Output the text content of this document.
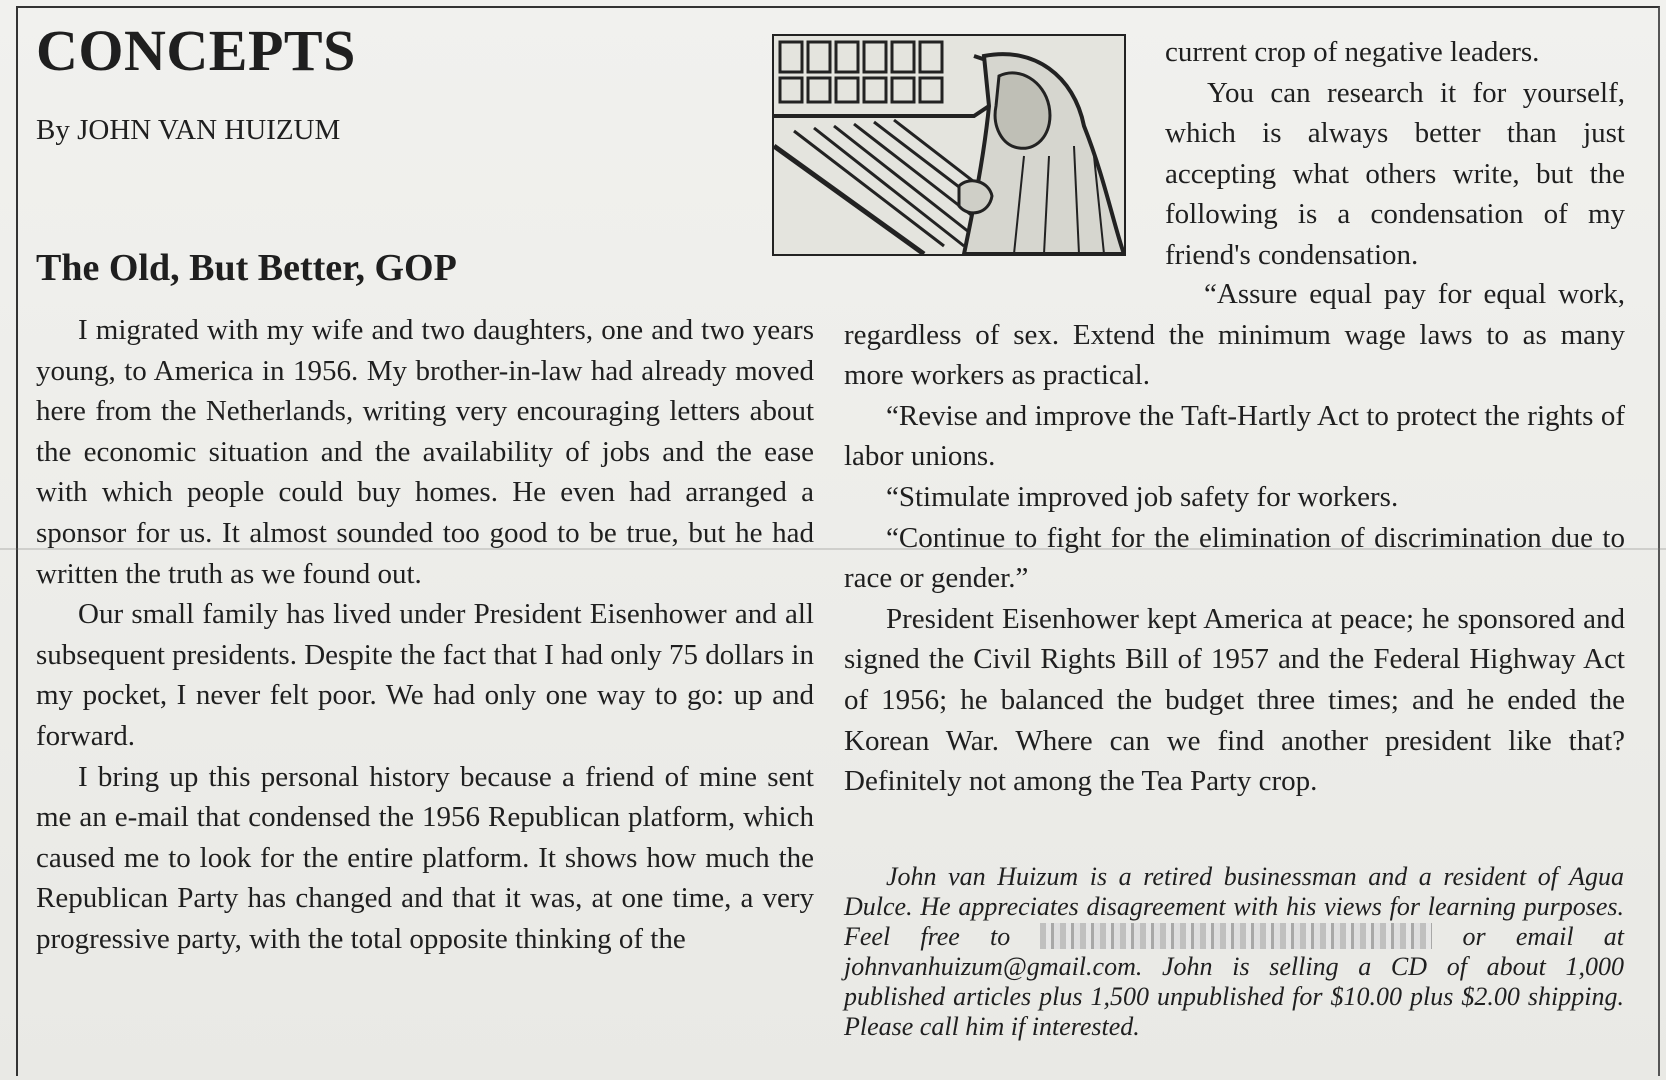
CONCEPTS
By JOHN VAN HUIZUM
The Old, But Better, GOP

I migrated with my wife and two daughters, one and two years young, to America in 1956. My brother-in-law had already moved here from the Netherlands, writing very encouraging letters about the economic situation and the availability of jobs and the ease with which people could buy homes. He even had arranged a sponsor for us. It almost sounded too good to be true, but he had written the truth as we found out.

Our small family has lived under President Eisenhower and all subsequent presidents. Despite the fact that I had only 75 dollars in my pocket, I never felt poor. We had only one way to go: up and forward.

I bring up this personal history because a friend of mine sent me an e-mail that condensed the 1956 Republican platform, which caused me to look for the entire platform. It shows how much the Republican Party has changed and that it was, at one time, a very progressive party, with the total opposite thinking of the

current crop of negative leaders.

You can research it for yourself, which is always better than just accepting what others write, but the following is a condensation of my friend's condensation.

“Assure equal pay for equal work, regardless of sex. Extend the minimum wage laws to as many more workers as practical.

“Revise and improve the Taft-Hartly Act to protect the rights of labor unions.

“Stimulate improved job safety for workers.

“Continue to fight for the elimination of discrimination due to race or gender.”

President Eisenhower kept America at peace; he sponsored and signed the Civil Rights Bill of 1957 and the Federal Highway Act of 1956; he balanced the budget three times; and he ended the Korean War. Where can we find another president like that? Definitely not among the Tea Party crop.

John van Huizum is a retired businessman and a resident of Agua Dulce. He appreciates disagreement with his views for learning purposes. Feel free to	or email at johnvanhuizum@gmail.com. John is selling a CD of about 1,000 published articles plus 1,500 unpublished for $10.00 plus $2.00 shipping. Please call him if interested.
